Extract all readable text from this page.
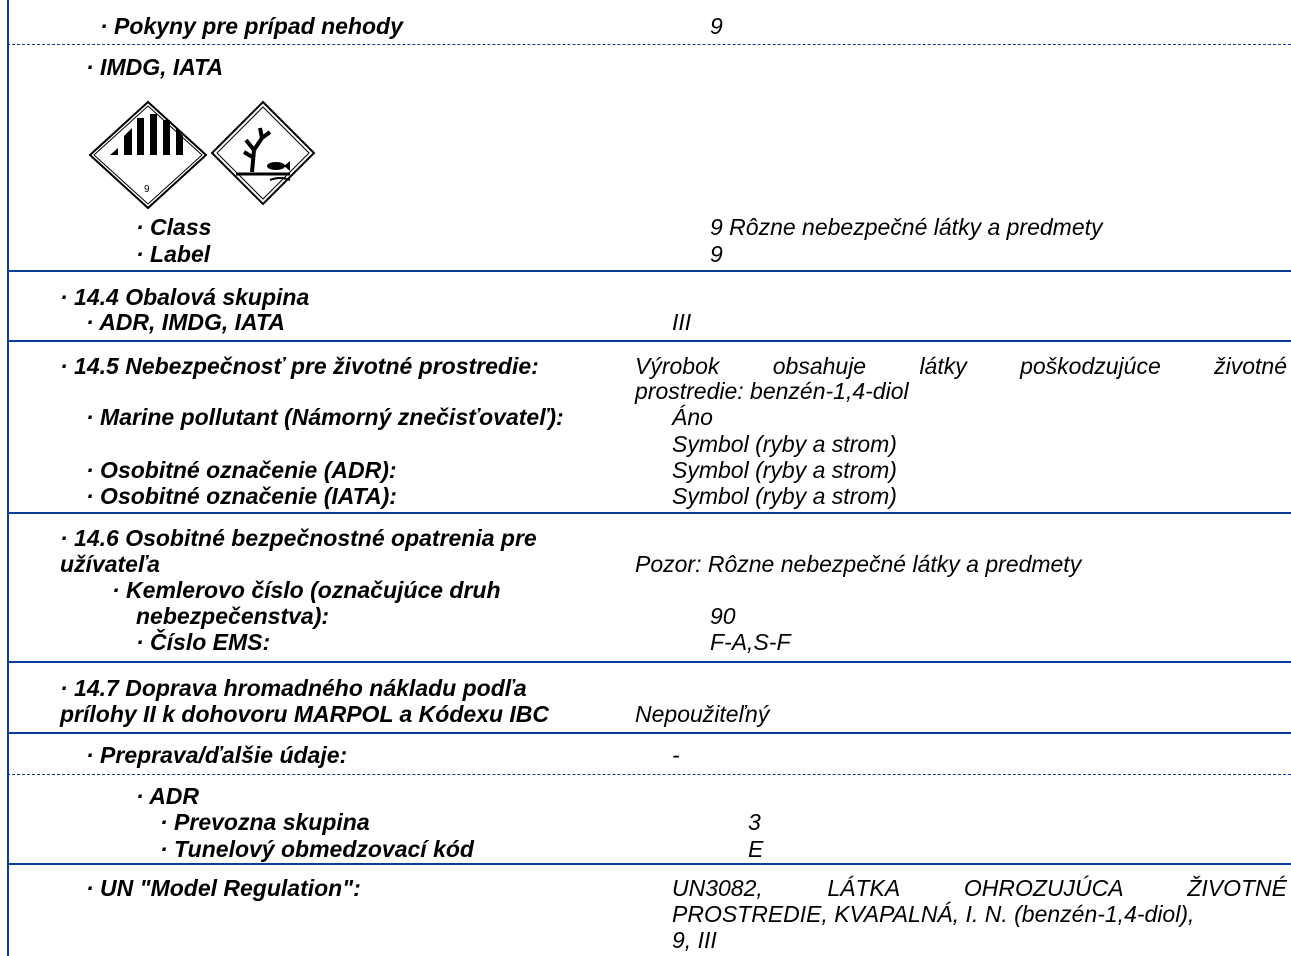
· Pokyny pre prípad nehody	9
· IMDG, IATA
9
· Class	9 Rôzne nebezpečné látky a predmety
· Label	9
· 14.4 Obalová skupina
· ADR, IMDG, IATA	III
· 14.5 Nebezpečnosť pre životné prostredie:	Výrobok obsahuje látky poškodzujúce životné
prostredie: benzén-1,4-diol
· Marine pollutant (Námorný znečisťovateľ):	Áno
Symbol (ryby a strom)
· Osobitné označenie (ADR):	Symbol (ryby a strom)
· Osobitné označenie (IATA):	Symbol (ryby a strom)
· 14.6 Osobitné bezpečnostné opatrenia pre
užívateľa	Pozor: Rôzne nebezpečné látky a predmety
· Kemlerovo číslo (označujúce druh
nebezpečenstva):	90
· Číslo EMS:	F-A,S-F
· 14.7 Doprava hromadného nákladu podľa
prílohy II k dohovoru MARPOL a Kódexu IBC	Nepoužiteľný
· Preprava/ďalšie údaje:	-
· ADR
· Prevozna skupina	3
· Tunelový obmedzovací kód	E
· UN "Model Regulation":	UN3082, LÁTKA OHROZUJÚCA ŽIVOTNÉ
PROSTREDIE, KVAPALNÁ, I. N. (benzén-1,4-diol),
9, III
